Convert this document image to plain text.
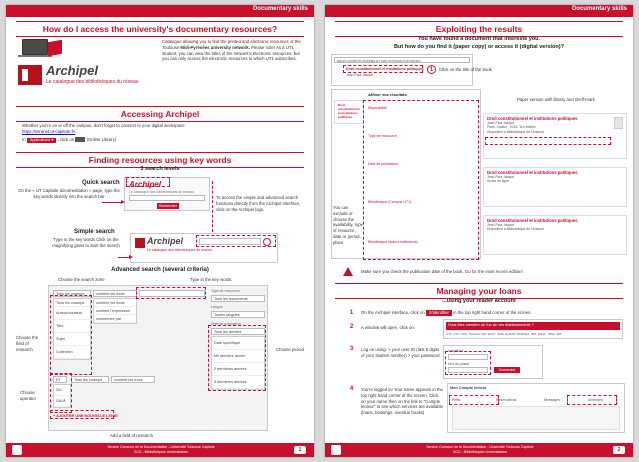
Documentary skills
How do I access the university's documentary resources?
Archipel
Le catalogue des bibliothèques du réseau
Catalogue allowing you to find the printed and electronic resources of the Toulouse Midi-Pyrénées university network. Please note! As a UT1 student, you can view the titles of the network's electronic resources, but you can only access the electronic resources to which UT1 subscribes.
Accessing Archipel
Whether you're on or off the campus, don't forget to connect to your digital workspace:
https://intranet.ut-capitole.fr/
In Applications ▾ , click on	(Online Library) .
Finding resources using key words
3 search levels
Quick search
On the « UT Capitole documentation » page, type the key words directly into the search bar
Archipel
Le catalogue des bibliothèques du réseau
Rechercher
To access the simple and advanced search functions directly from the Archipel interface, click on the Archipel logo.
Simple search
Type in the key words Click on the magnifying glass to start the search	Archipel
Le catalogue des bibliothèques du réseau
Advanced search (several criteria)
Choose the search zone	Type in the key words
Tous les champs	contient les mots
Tous les champs
Auteur/créateur
Titre
Sujet
Collection
contient les mots
contient l'expression
commence par
ET	Tous les champs	contient les mots
OU
SAUF
+ AJOUTER UNE NOUVELLE LIGNE
Type de ressource
Tous les documents
Langue
Toutes langues
Date de publication
Tous les années
Date spécifique
Mil dernière année
2 dernières années
5 dernières années
Choose the field of research
Choose operator
Choose period
Add a field of research
Service Commun de la Documentation - Université Toulouse Capitole
SCD - Bibliothèques Universitaires	1
Documentary skills
Exploiting the results
You have found a document that interests you.
But how do you find it (paper copy) or access it (digital version)?
DROIT CONSTITUTIONNEL ET INSTITUTIONS POLITIQUES
Droit constitutionnel et institutions politiques
Jean-Paul Jacqué
1	Click on the title of the book
Affiner vos résultats
Droit constitutionnel et institutions politiques
Disponibilité
Type de ressource
Date de publication
Bibliothèque (Campus UT1)
Bibliothèque (autres institutions)
You can exclude or choose the availability, type of resource, date or period, place
Paper version with library and shelf-mark
Droit constitutionnel et institutions politiques
Jean-Paul Jacqué
Paris : Dalloz , 2016. 11e édition
Disponible à Bibliothèque de l'Arsenal
Droit constitutionnel et institutions politiques
Jean-Paul Jacqué
Accès en ligne
Droit constitutionnel et institutions politiques
Jean-Paul Jacqué
Disponible à Bibliothèque de l'Arsenal
Make sure you check the publication date of the book. Go for the most recent edition!
Managing your loans
...using your reader account
1	On the Archipel interface, click on S'identifier in the top right hand corner of the screen.
2	A window will open, click on:	Vous êtes membre de l'un de ces établissements ?
UT1, UT2, UPS, Toulouse INP, ENVT, ISAE, EHESS, ENSFEA, IRIT, ENAC, INSA, IMT
3	Log on using: > your user ID (last 8 digits of your student number) > your password
Identifiant
Mot de passe
Connexion
4	You're logged in! Your name appears in the top right hand corner of the screen. Click on your name then on the link to "Compte lecteur" to see which services are available (loans, bookings, overdue books)
Mon Compte lecteur
Prêts	Réservations	Messages	Amendes
Service Commun de la Documentation - Université Toulouse Capitole
SCD - Bibliothèques Universitaires	2
